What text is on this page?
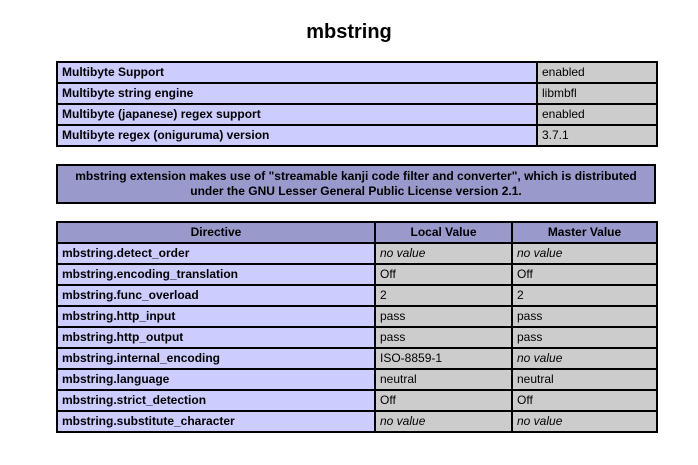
mbstring
Multibyte Support	enabled
Multibyte string engine	libmbfl
Multibyte (japanese) regex support	enabled
Multibyte regex (oniguruma) version	3.7.1
mbstring extension makes use of "streamable kanji code filter and converter", which is distributed under the GNU Lesser General Public License version 2.1.
Directive	Local Value	Master Value
mbstring.detect_order	no value	no value
mbstring.encoding_translation	Off	Off
mbstring.func_overload	2	2
mbstring.http_input	pass	pass
mbstring.http_output	pass	pass
mbstring.internal_encoding	ISO-8859-1	no value
mbstring.language	neutral	neutral
mbstring.strict_detection	Off	Off
mbstring.substitute_character	no value	no value
